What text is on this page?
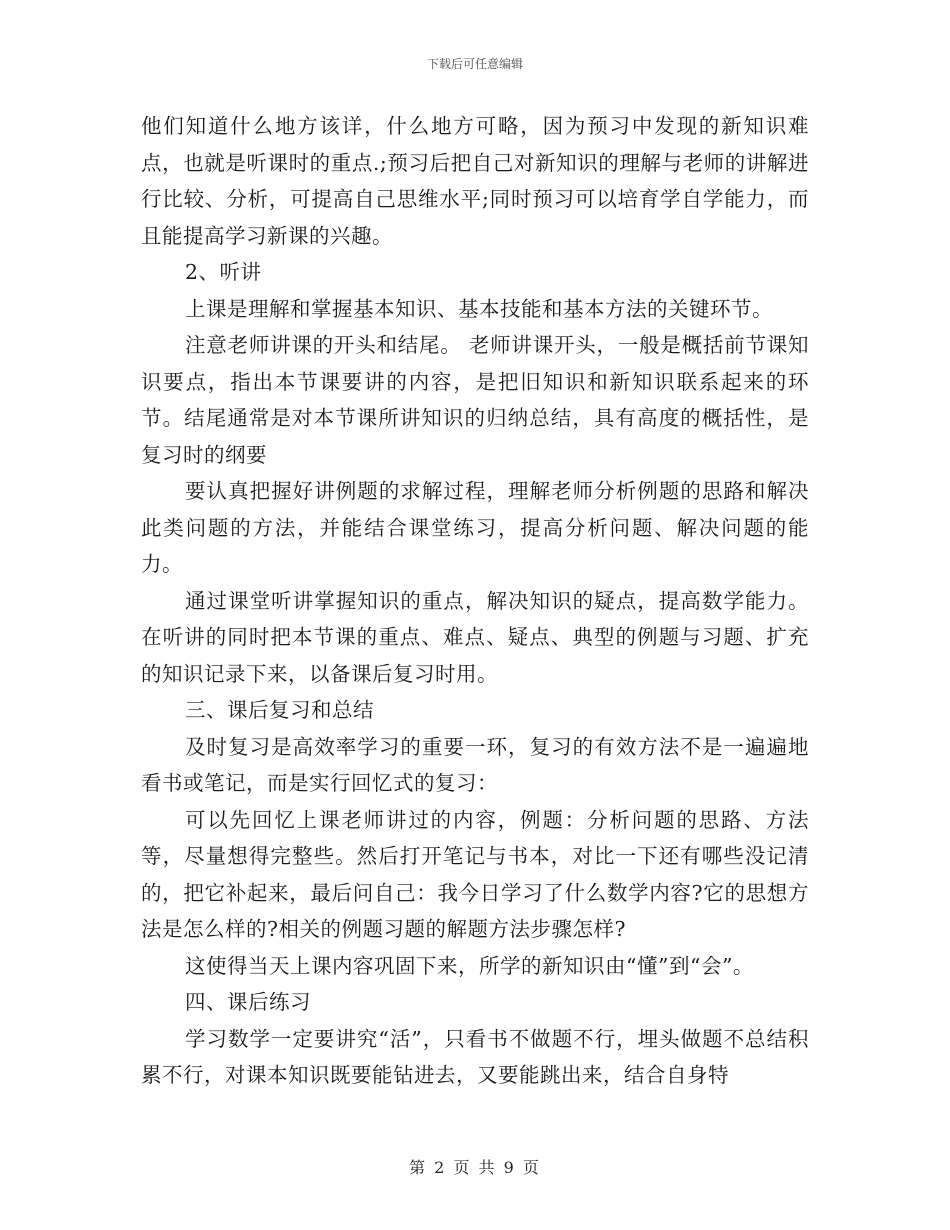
下载后可任意编辑

他们知道什么地方该详，什么地方可略，因为预习中发现的新知识难点，也就是听课时的重点.;预习后把自己对新知识的理解与老师的讲解进行比较、分析，可提高自己思维水平;同时预习可以培育学自学能力，而且能提高学习新课的兴趣。

2、听讲

上课是理解和掌握基本知识、基本技能和基本方法的关键环节。

注意老师讲课的开头和结尾。 老师讲课开头，一般是概括前节课知识要点，指出本节课要讲的内容，是把旧知识和新知识联系起来的环节。结尾通常是对本节课所讲知识的归纳总结，具有高度的概括性，是复习时的纲要

要认真把握好讲例题的求解过程，理解老师分析例题的思路和解决此类问题的方法，并能结合课堂练习，提高分析问题、解决问题的能力。

通过课堂听讲掌握知识的重点，解决知识的疑点，提高数学能力。在听讲的同时把本节课的重点、难点、疑点、典型的例题与习题、扩充的知识记录下来，以备课后复习时用。

三、课后复习和总结

及时复习是高效率学习的重要一环，复习的有效方法不是一遍遍地看书或笔记，而是实行回忆式的复习：

可以先回忆上课老师讲过的内容，例题：分析问题的思路、方法等，尽量想得完整些。然后打开笔记与书本，对比一下还有哪些没记清的，把它补起来，最后问自己：我今日学习了什么数学内容?它的思想方法是怎么样的?相关的例题习题的解题方法步骤怎样?

这使得当天上课内容巩固下来，所学的新知识由“懂”到“会”。

四、课后练习

学习数学一定要讲究“活”，只看书不做题不行，埋头做题不总结积累不行，对课本知识既要能钻进去，又要能跳出来，结合自身特

第 2 页 共 9 页
